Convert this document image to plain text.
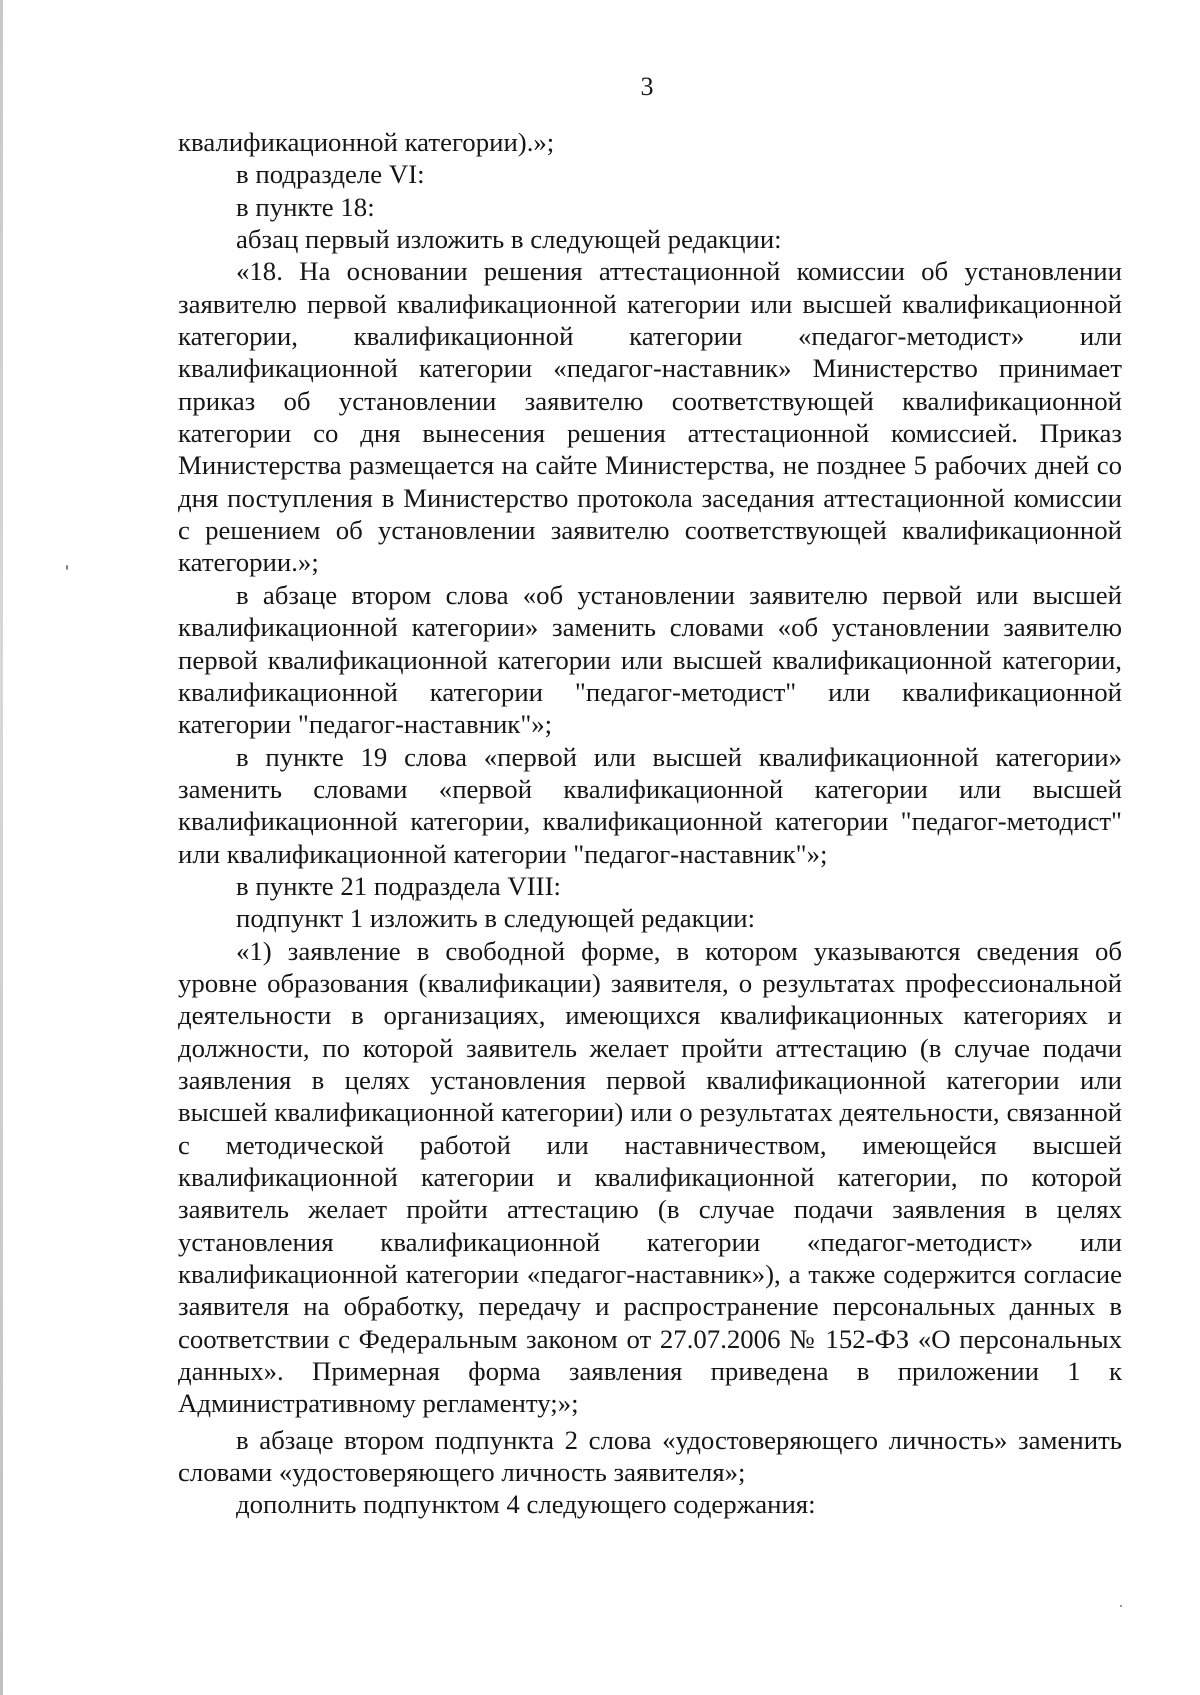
3

квалификационной категории).»;

в подразделе VI:

в пункте 18:

абзац первый изложить в следующей редакции:

«18. На основании решения аттестационной комиссии об установлении заявителю первой квалификационной категории или высшей квалификационной категории, квалификационной категории «педагог-методист» или квалификационной категории «педагог-наставник» Министерство принимает приказ об установлении заявителю соответствующей квалификационной категории со дня вынесения решения аттестационной комиссией. Приказ Министерства размещается на сайте Министерства, не позднее 5 рабочих дней со дня поступления в Министерство протокола заседания аттестационной комиссии с решением об установлении заявителю соответствующей квалификационной категории.»;

в абзаце втором слова «об установлении заявителю первой или высшей квалификационной категории» заменить словами «об установлении заявителю первой квалификационной категории или высшей квалификационной категории, квалификационной категории "педагог-методист" или квалификационной категории "педагог-наставник"»;

в пункте 19 слова «первой или высшей квалификационной категории» заменить словами «первой квалификационной категории или высшей квалификационной категории, квалификационной категории "педагог-методист" или квалификационной категории "педагог-наставник"»;

в пункте 21 подраздела VIII:

подпункт 1 изложить в следующей редакции:

«1) заявление в свободной форме, в котором указываются сведения об уровне образования (квалификации) заявителя, о результатах профессиональной деятельности в организациях, имеющихся квалификационных категориях и должности, по которой заявитель желает пройти аттестацию (в случае подачи заявления в целях установления первой квалификационной категории или высшей квалификационной категории) или о результатах деятельности, связанной с методической работой или наставничеством, имеющейся высшей квалификационной категории и квалификационной категории, по которой заявитель желает пройти аттестацию (в случае подачи заявления в целях установления квалификационной категории «педагог-методист» или квалификационной категории «педагог-наставник»), а также содержится согласие заявителя на обработку, передачу и распространение персональных данных в соответствии с Федеральным законом от 27.07.2006 № 152-ФЗ «О персональных данных». Примерная форма заявления приведена в приложении 1 к Административному регламенту;»;

в абзаце втором подпункта 2 слова «удостоверяющего личность» заменить словами «удостоверяющего личность заявителя»;

дополнить подпунктом 4 следующего содержания:
